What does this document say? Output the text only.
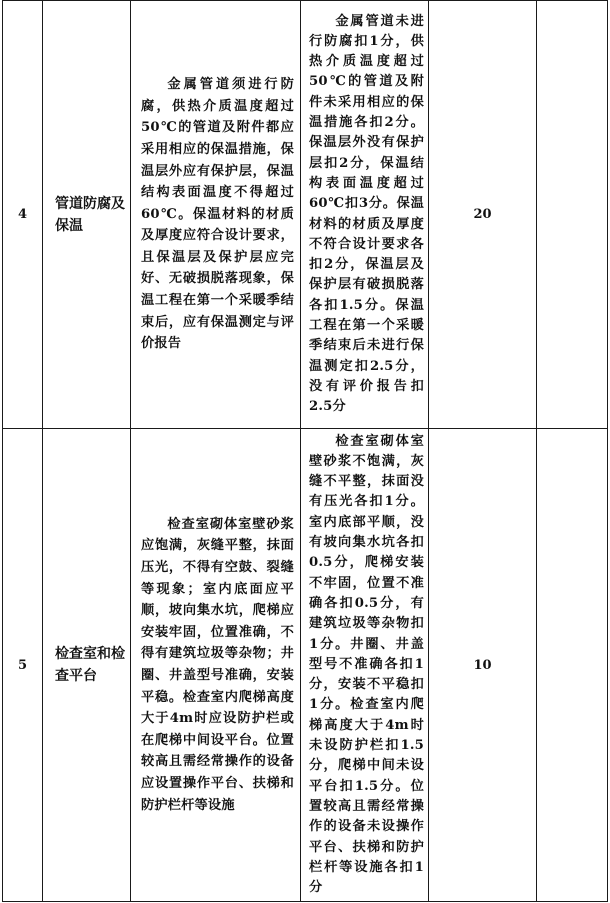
4	管道防腐及保温	金属管道须进行防腐，供热介质温度超过50℃的管道及附件都应采用相应的保温措施，保温层外应有保护层，保温结构表面温度不得超过60℃。保温材料的材质及厚度应符合设计要求，且保温层及保护层应完好、无破损脱落现象，保温工程在第一个采暖季结束后，应有保温测定与评价报告	金属管道未进行防腐扣1分，供热介质温度超过50℃的管道及附件未采用相应的保温措施各扣2分。保温层外没有保护层扣2分，保温结构表面温度超过60℃扣3分。保温材料的材质及厚度不符合设计要求各扣2分，保温层及保护层有破损脱落各扣1.5分。保温工程在第一个采暖季结束后未进行保温测定扣2.5分，没有评价报告扣2.5分	20	
5	检查室和检查平台	检查室砌体室壁砂浆应饱满，灰缝平整，抹面压光，不得有空鼓、裂缝等现象；室内底面应平顺，坡向集水坑，爬梯应安装牢固，位置准确，不得有建筑垃圾等杂物；井圈、井盖型号准确，安装平稳。检查室内爬梯高度大于4m时应设防护栏或在爬梯中间设平台。位置较高且需经常操作的设备应设置操作平台、扶梯和防护栏杆等设施	检查室砌体室壁砂浆不饱满，灰缝不平整，抹面没有压光各扣1分。室内底部平顺，没有坡向集水坑各扣0.5分，爬梯安装不牢固，位置不准确各扣0.5分，有建筑垃圾等杂物扣1分。井圈、井盖型号不准确各扣1分，安装不平稳扣1分。检查室内爬梯高度大于4m时未设防护栏扣1.5分，爬梯中间未设平台扣1.5分。位置较高且需经常操作的设备未设操作平台、扶梯和防护栏杆等设施各扣1分	10	
